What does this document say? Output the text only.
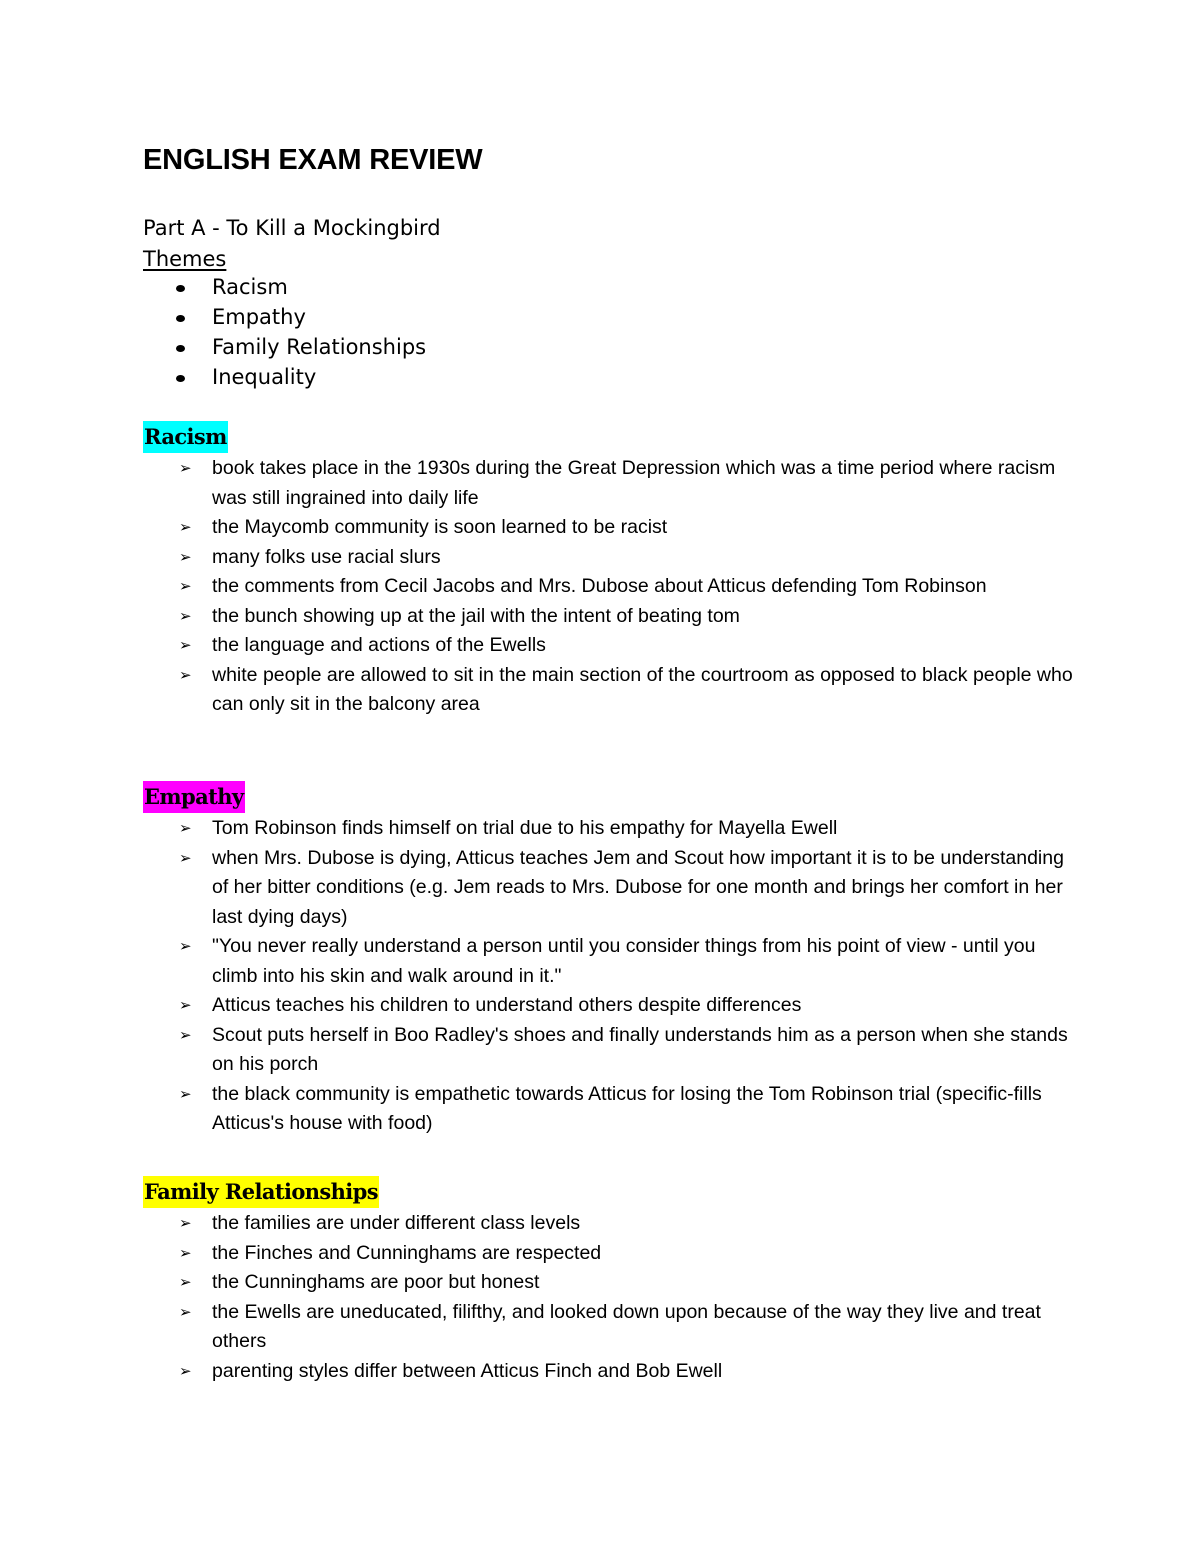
ENGLISH EXAM REVIEW
Part A - To Kill a Mockingbird
Themes
Racism
Empathy
Family Relationships
Inequality
Racism
➢ book takes place in the 1930s during the Great Depression which was a time period where racism was still ingrained into daily life
➢ the Maycomb community is soon learned to be racist
➢ many folks use racial slurs
➢ the comments from Cecil Jacobs and Mrs. Dubose about Atticus defending Tom Robinson
➢ the bunch showing up at the jail with the intent of beating tom
➢ the language and actions of the Ewells
➢ white people are allowed to sit in the main section of the courtroom as opposed to black people who can only sit in the balcony area
Empathy
➢ Tom Robinson finds himself on trial due to his empathy for Mayella Ewell
➢ when Mrs. Dubose is dying, Atticus teaches Jem and Scout how important it is to be understanding of her bitter conditions (e.g. Jem reads to Mrs. Dubose for one month and brings her comfort in her last dying days)
➢ "You never really understand a person until you consider things from his point of view - until you climb into his skin and walk around in it."
➢ Atticus teaches his children to understand others despite differences
➢ Scout puts herself in Boo Radley's shoes and finally understands him as a person when she stands on his porch
➢ the black community is empathetic towards Atticus for losing the Tom Robinson trial (specific-fills Atticus's house with food)
Family Relationships
➢ the families are under different class levels
➢ the Finches and Cunninghams are respected
➢ the Cunninghams are poor but honest
➢ the Ewells are uneducated, filifthy, and looked down upon because of the way they live and treat others
➢ parenting styles differ between Atticus Finch and Bob Ewell
